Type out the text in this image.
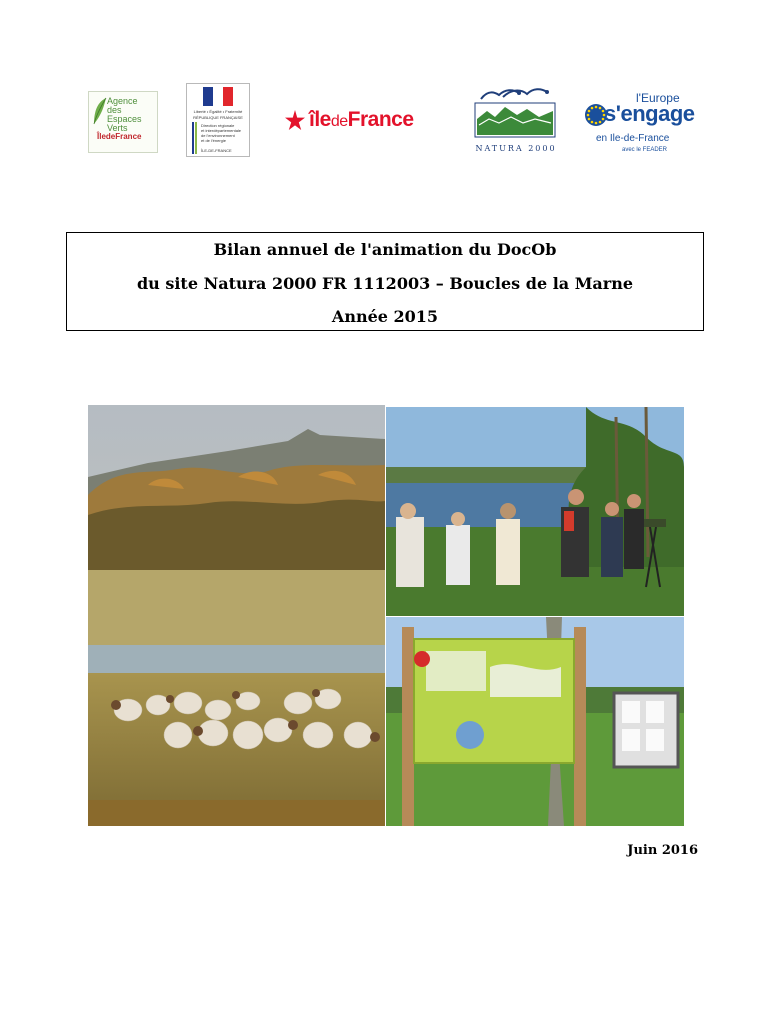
Agence
des Espaces
Verts
ÎledeFrance
Liberté • Égalité • Fraternité
RÉPUBLIQUE FRANÇAISE
Direction régionale
et interdépartementale
de l'environnement
et de l'énergie
ÎLE-DE-FRANCE
îledeFrance
NATURA 2000
l'Europe
s'engage
en Ile-de-France
avec le FEADER
Bilan annuel de l'animation du DocOb
du site Natura 2000 FR 1112003 – Boucles de la Marne
Année 2015
Juin 2016
